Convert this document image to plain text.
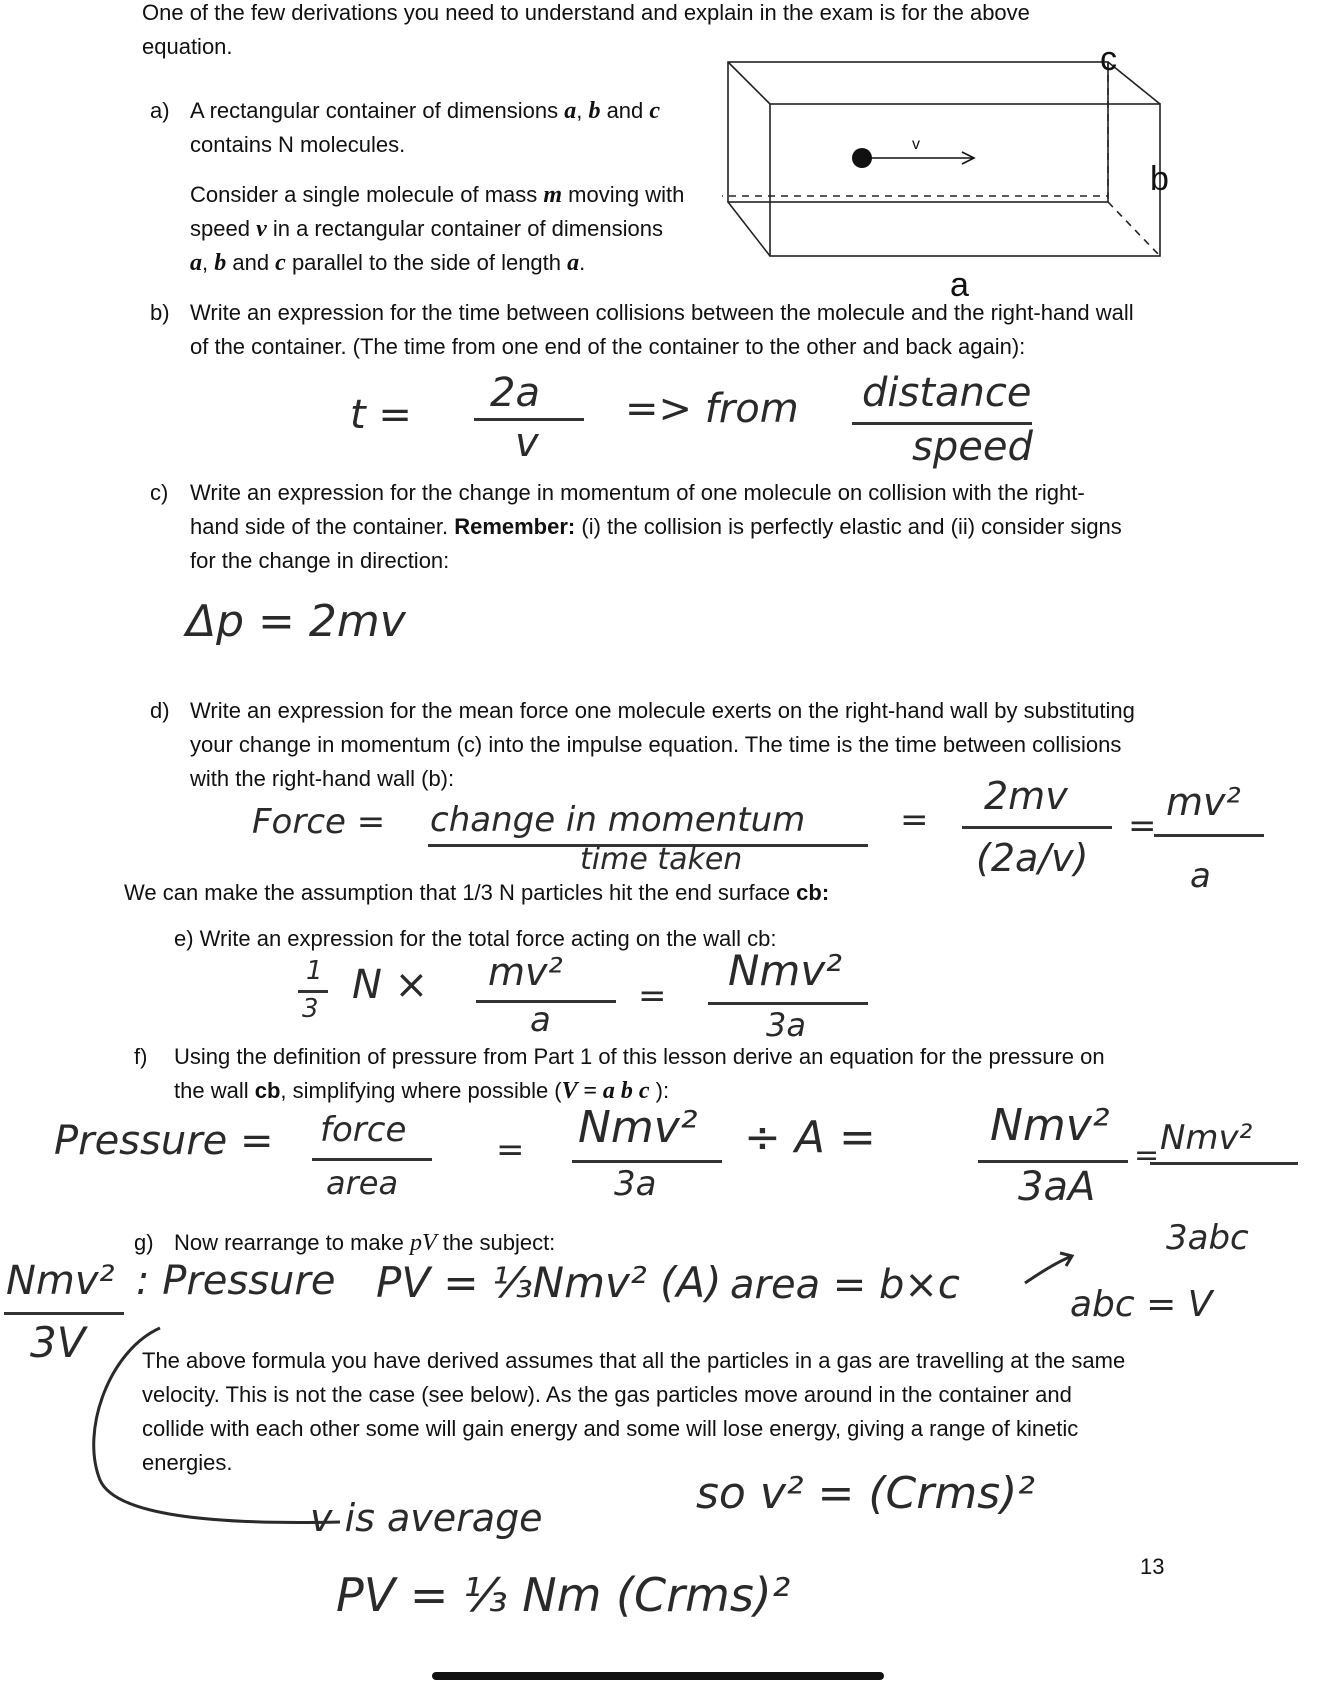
One of the few derivations you need to understand and explain in the exam is for the above
equation.	c
b
a
v
a) A rectangular container of dimensions a, b and c
contains N molecules.
Consider a single molecule of mass m moving with
speed v in a rectangular container of dimensions
a, b and c parallel to the side of length a.
b) Write an expression for the time between collisions between the molecule and the right-hand wall
of the container. (The time from one end of the container to the other and back again):
t = 2a
v
=> from distance
speed
c) Write an expression for the change in momentum of one molecule on collision with the right-
hand side of the container. Remember: (i) the collision is perfectly elastic and (ii) consider signs
for the change in direction:
Δp = 2mv
d) Write an expression for the mean force one molecule exerts on the right-hand wall by substituting
your change in momentum (c) into the impulse equation. The time is the time between collisions
with the right-hand wall (b):
Force = change in momentum
time taken
=
2mv
(2a/v)
=
mv²
a
We can make the assumption that 1/3 N particles hit the end surface cb:
e) Write an expression for the total force acting on the wall cb:
1
3
N × mv²
a
=
Nmv²
3a
f) Using the definition of pressure from Part 1 of this lesson derive an equation for the pressure on
the wall cb, simplifying where possible (V = a b c ):
Pressure = force
area
= Nmv²
3a
÷ A =	Nmv²
3aA
= Nmv²
3abc
g) Now rearrange to make pV the subject:
Nmv² : Pressure
3V
PV = ⅓Nmv² (A) area = b×c	abc = V
The above formula you have derived assumes that all the particles in a gas are travelling at the same
velocity. This is not the case (see below). As the gas particles move around in the container and
collide with each other some will gain energy and some will lose energy, giving a range of kinetic
energies.
v is average	so v² = (Crms)²
PV = ⅓ Nm (Crms)²
13
